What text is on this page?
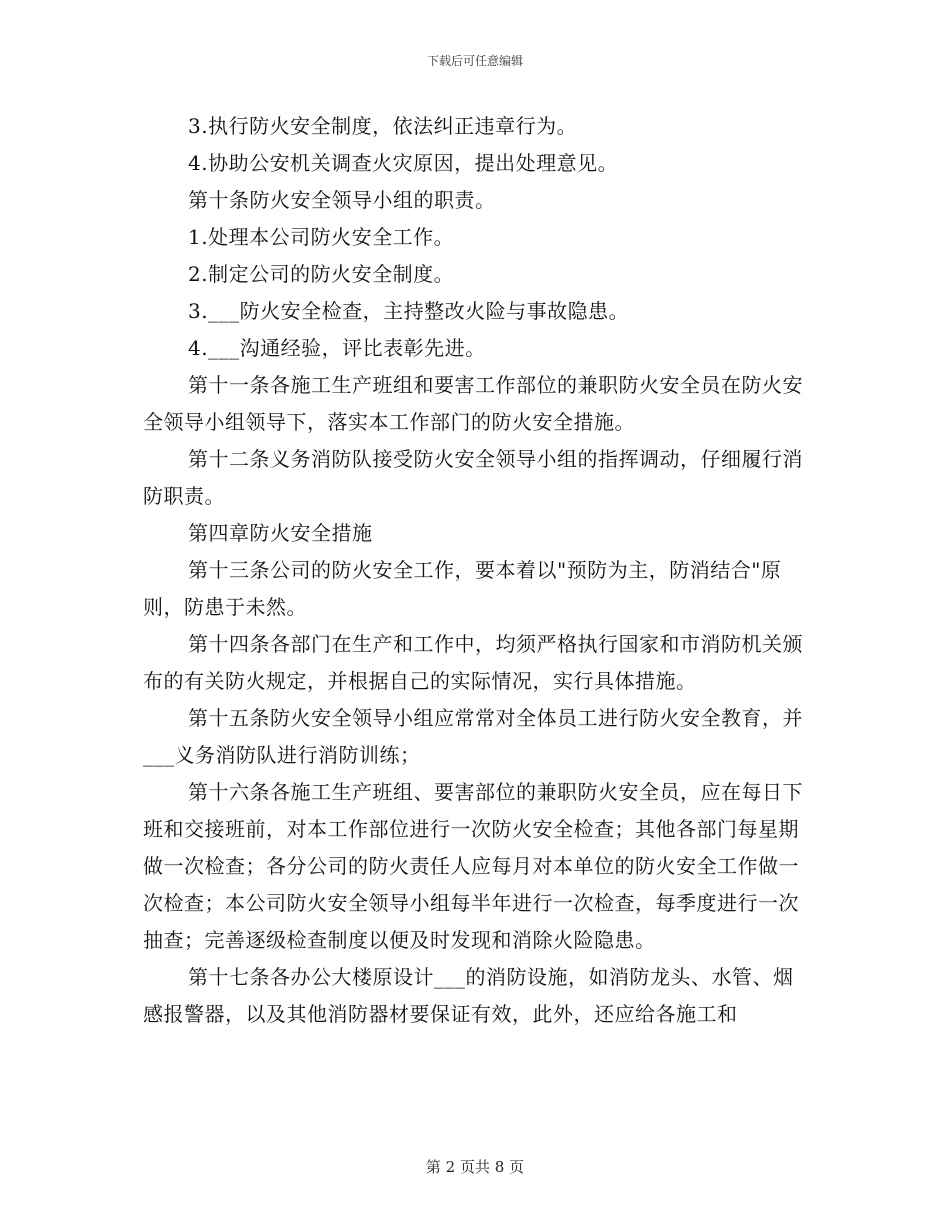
下载后可任意编辑

3.执行防火安全制度，依法纠正违章行为。

4.协助公安机关调查火灾原因，提出处理意见。

第十条防火安全领导小组的职责。

1.处理本公司防火安全工作。

2.制定公司的防火安全制度。

3.___防火安全检查，主持整改火险与事故隐患。

4.___沟通经验，评比表彰先进。

第十一条各施工生产班组和要害工作部位的兼职防火安全员在防火安全领导小组领导下，落实本工作部门的防火安全措施。

第十二条义务消防队接受防火安全领导小组的指挥调动，仔细履行消防职责。

第四章防火安全措施

第十三条公司的防火安全工作，要本着以"预防为主，防消结合"原则，防患于未然。

第十四条各部门在生产和工作中，均须严格执行国家和市消防机关颁布的有关防火规定，并根据自己的实际情况，实行具体措施。

第十五条防火安全领导小组应常常对全体员工进行防火安全教育，并___义务消防队进行消防训练；

第十六条各施工生产班组、要害部位的兼职防火安全员，应在每日下班和交接班前，对本工作部位进行一次防火安全检查；其他各部门每星期做一次检查；各分公司的防火责任人应每月对本单位的防火安全工作做一次检查；本公司防火安全领导小组每半年进行一次检查，每季度进行一次抽查；完善逐级检查制度以便及时发现和消除火险隐患。

第十七条各办公大楼原设计___的消防设施，如消防龙头、水管、烟感报警器，以及其他消防器材要保证有效，此外，还应给各施工和

第 2 页共 8 页
